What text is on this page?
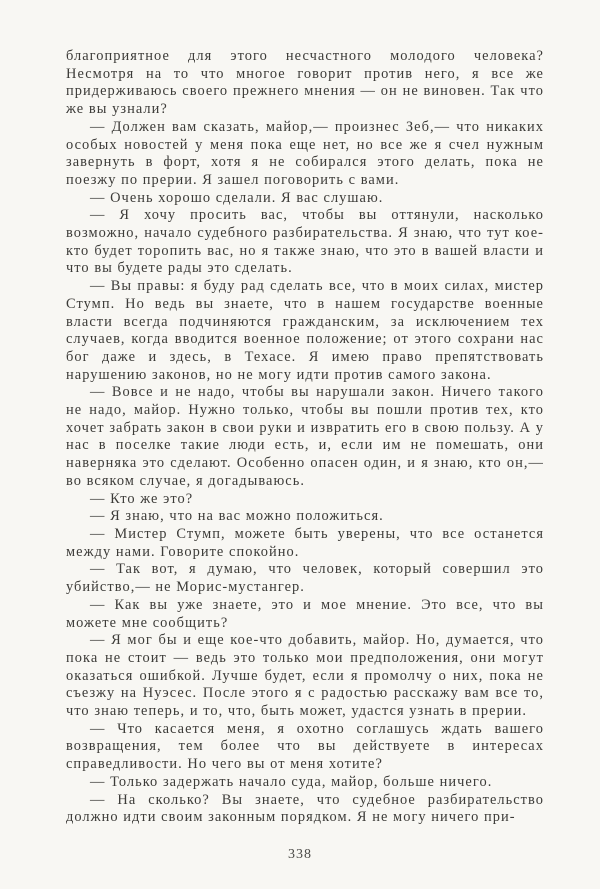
благоприятное для этого несчастного молодого человека? Несмотря на то что многое говорит против него, я все же придерживаюсь своего прежнего мнения — он не виновен. Так что же вы узнали?

— Должен вам сказать, майор,— произнес Зеб,— что никаких особых новостей у меня пока еще нет, но все же я счел нужным завернуть в форт, хотя я не собирался этого делать, пока не поезжу по прерии. Я зашел поговорить с вами.

— Очень хорошо сделали. Я вас слушаю.

— Я хочу просить вас, чтобы вы оттянули, насколько возможно, начало судебного разбирательства. Я знаю, что тут кое-кто будет торопить вас, но я также знаю, что это в вашей власти и что вы будете рады это сделать.

— Вы правы: я буду рад сделать все, что в моих силах, мистер Стумп. Но ведь вы знаете, что в нашем государстве военные власти всегда подчиняются гражданским, за исключением тех случаев, когда вводится военное положение; от этого сохрани нас бог даже и здесь, в Техасе. Я имею право препятствовать нарушению законов, но не могу идти против самого закона.

— Вовсе и не надо, чтобы вы нарушали закон. Ничего такого не надо, майор. Нужно только, чтобы вы пошли против тех, кто хочет забрать закон в свои руки и извратить его в свою пользу. А у нас в поселке такие люди есть, и, если им не помешать, они наверняка это сделают. Особенно опасен один, и я знаю, кто он,— во всяком случае, я догадываюсь.

— Кто же это?

— Я знаю, что на вас можно положиться.

— Мистер Стумп, можете быть уверены, что все останется между нами. Говорите спокойно.

— Так вот, я думаю, что человек, который совершил это убийство,— не Морис-мустангер.

— Как вы уже знаете, это и мое мнение. Это все, что вы можете мне сообщить?

— Я мог бы и еще кое-что добавить, майор. Но, думается, что пока не стоит — ведь это только мои предположения, они могут оказаться ошибкой. Лучше будет, если я промолчу о них, пока не съезжу на Нуэсес. После этого я с радостью расскажу вам все то, что знаю теперь, и то, что, быть может, удастся узнать в прерии.

— Что касается меня, я охотно соглашусь ждать вашего возвращения, тем более что вы действуете в интересах справедливости. Но чего вы от меня хотите?

— Только задержать начало суда, майор, больше ничего.

— На сколько? Вы знаете, что судебное разбирательство должно идти своим законным порядком. Я не могу ничего при-

338
